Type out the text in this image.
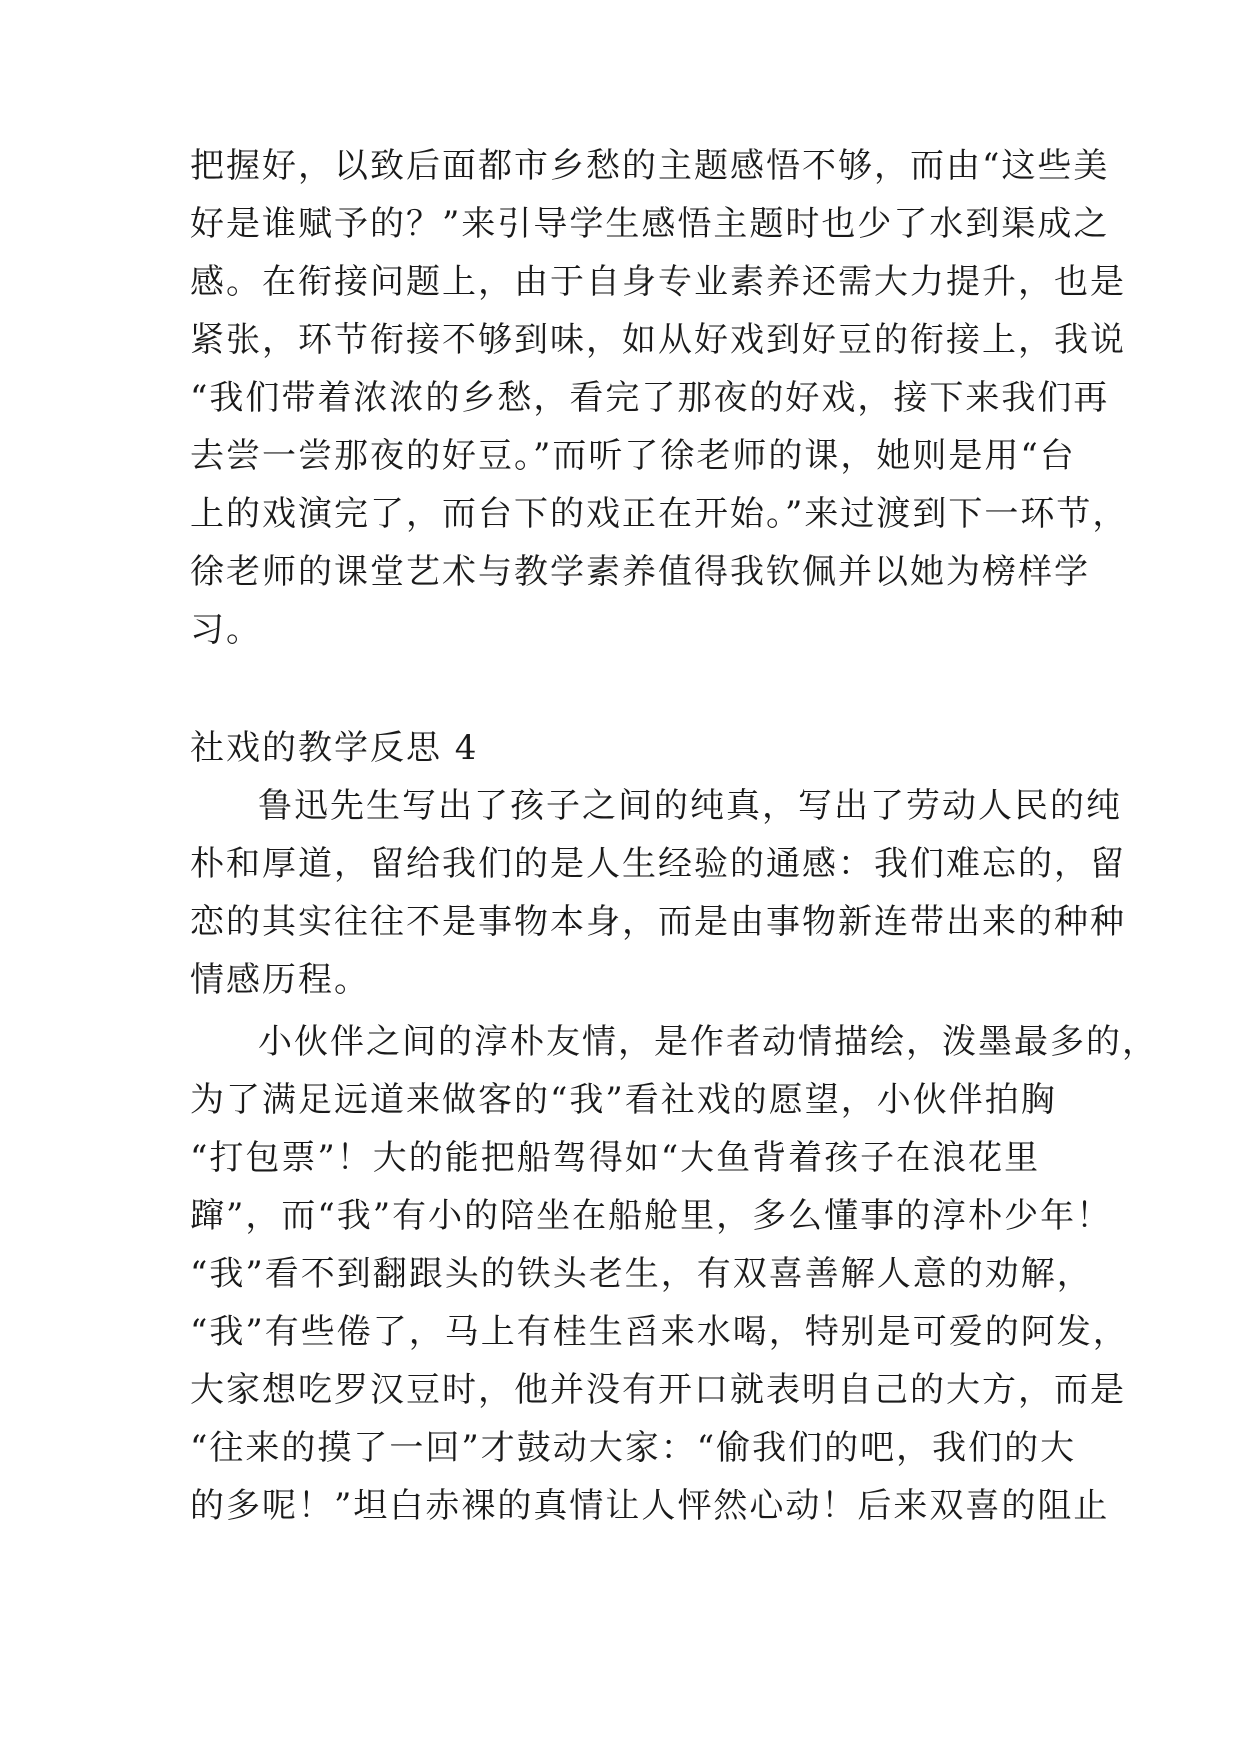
把握好，以致后面都市乡愁的主题感悟不够，而由“这些美
好是谁赋予的？”来引导学生感悟主题时也少了水到渠成之
感。在衔接问题上，由于自身专业素养还需大力提升，也是
紧张，环节衔接不够到味，如从好戏到好豆的衔接上，我说
“我们带着浓浓的乡愁，看完了那夜的好戏，接下来我们再
去尝一尝那夜的好豆。”而听了徐老师的课，她则是用“台
上的戏演完了，而台下的戏正在开始。”来过渡到下一环节，
徐老师的课堂艺术与教学素养值得我钦佩并以她为榜样学
习。
社戏的教学反思 4
鲁迅先生写出了孩子之间的纯真，写出了劳动人民的纯
朴和厚道，留给我们的是人生经验的通感：我们难忘的，留
恋的其实往往不是事物本身，而是由事物新连带出来的种种
情感历程。
小伙伴之间的淳朴友情，是作者动情描绘，泼墨最多的，
为了满足远道来做客的“我”看社戏的愿望，小伙伴拍胸
“打包票”！大的能把船驾得如“大鱼背着孩子在浪花里
蹿”，而“我”有小的陪坐在船舱里，多么懂事的淳朴少年！
“我”看不到翻跟头的铁头老生，有双喜善解人意的劝解，
“我”有些倦了，马上有桂生舀来水喝，特别是可爱的阿发，
大家想吃罗汉豆时，他并没有开口就表明自己的大方，而是
“往来的摸了一回”才鼓动大家：“偷我们的吧，我们的大
的多呢！”坦白赤裸的真情让人怦然心动！后来双喜的阻止
